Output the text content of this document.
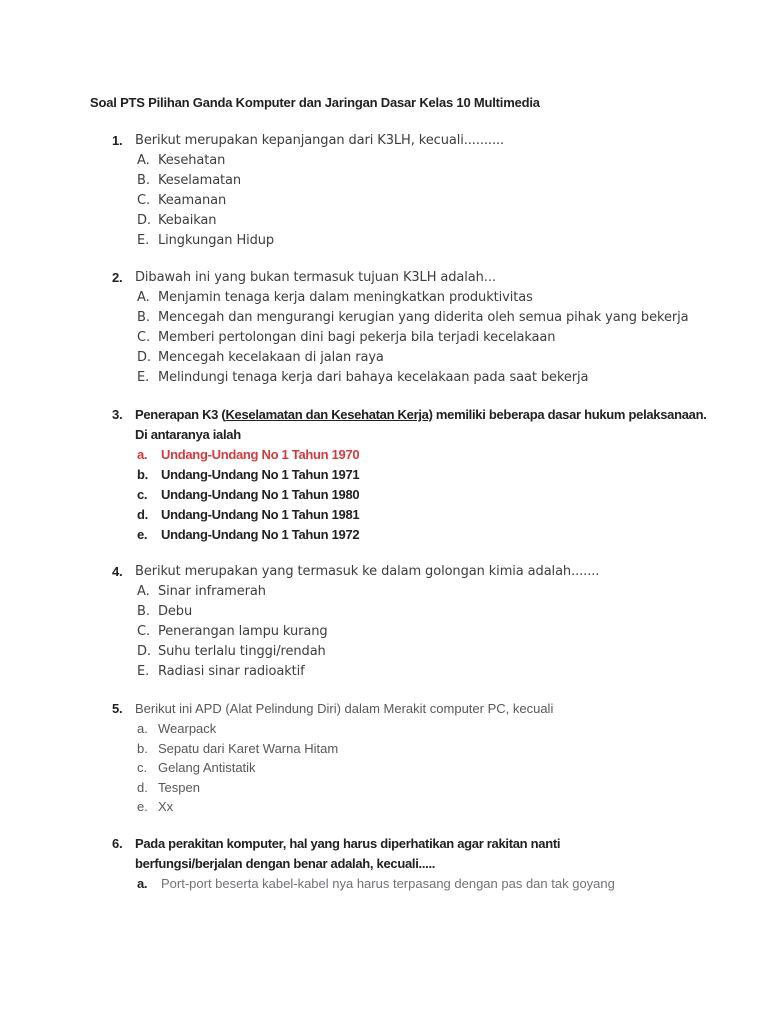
Soal PTS Pilihan Ganda Komputer dan Jaringan Dasar Kelas 10 Multimedia
1. Berikut merupakan kepanjangan dari K3LH, kecuali..........
A. Kesehatan
B. Keselamatan
C. Keamanan
D. Kebaikan
E. Lingkungan Hidup
2. Dibawah ini yang bukan termasuk tujuan K3LH adalah...
A. Menjamin tenaga kerja dalam meningkatkan produktivitas
B. Mencegah dan mengurangi kerugian yang diderita oleh semua pihak yang bekerja
C. Memberi pertolongan dini bagi pekerja bila terjadi kecelakaan
D. Mencegah kecelakaan di jalan raya
E. Melindungi tenaga kerja dari bahaya kecelakaan pada saat bekerja
3. Penerapan K3 (Keselamatan dan Kesehatan Kerja) memiliki beberapa dasar hukum pelaksanaan.
Di antaranya ialah
a.	Undang-Undang No 1 Tahun 1970
b.	Undang-Undang No 1 Tahun 1971
c.	Undang-Undang No 1 Tahun 1980
d.	Undang-Undang No 1 Tahun 1981
e.	Undang-Undang No 1 Tahun 1972
4. Berikut merupakan yang termasuk ke dalam golongan kimia adalah.......
A. Sinar inframerah
B. Debu
C. Penerangan lampu kurang
D. Suhu terlalu tinggi/rendah
E. Radiasi sinar radioaktif
5. Berikut ini APD (Alat Pelindung Diri) dalam Merakit computer PC, kecuali
a. Wearpack
b. Sepatu dari Karet Warna Hitam
c. Gelang Antistatik
d. Tespen
e. Xx
6. Pada perakitan komputer, hal yang harus diperhatikan agar rakitan nanti
berfungsi/berjalan dengan benar adalah, kecuali.....
a.	Port-port beserta kabel-kabel nya harus terpasang dengan pas dan tak goyang
